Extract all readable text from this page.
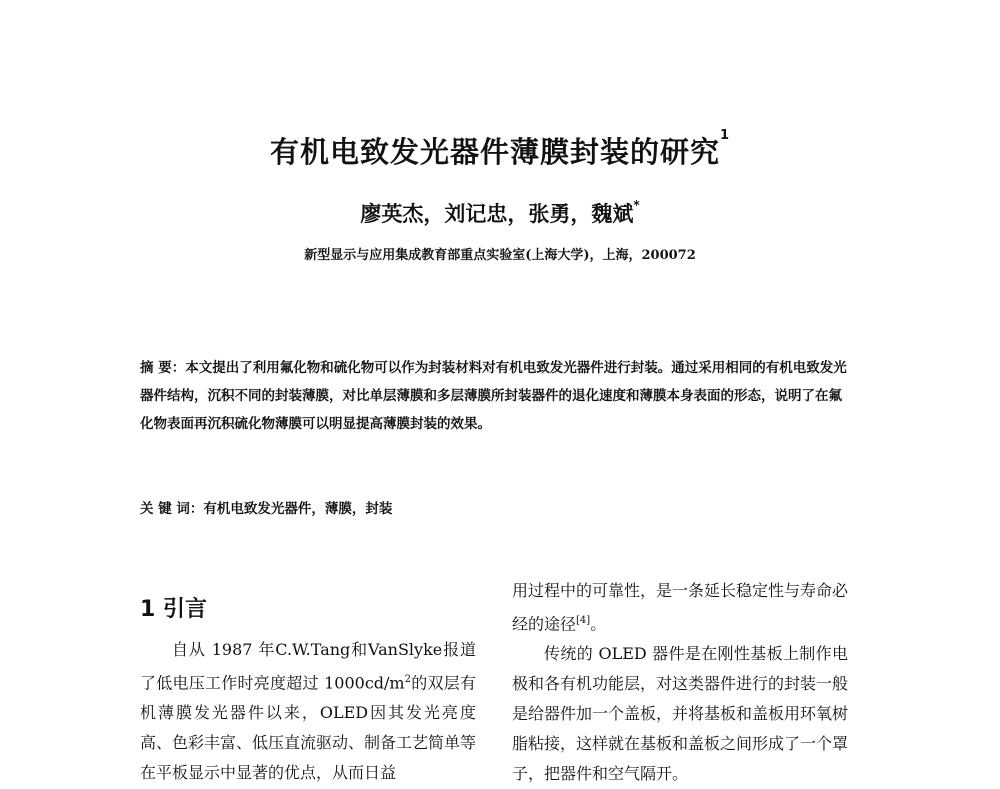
有机电致发光器件薄膜封装的研究$^1$
廖英杰，刘记忠，张勇，魏斌*
新型显示与应用集成教育部重点实验室(上海大学)，上海，200072
摘 要：本文提出了利用氟化物和硫化物可以作为封装材料对有机电致发光器件进行封装。通过采用相同的有机电致发光器件结构，沉积不同的封装薄膜，对比单层薄膜和多层薄膜所封装器件的退化速度和薄膜本身表面的形态，说明了在氟化物表面再沉积硫化物薄膜可以明显提高薄膜封装的效果。
关 键 词：有机电致发光器件，薄膜，封装
1 引言

自从 1987 年C.W.Tang和VanSlyke报道了低电压工作时亮度超过 $1000cd/m^2$的双层有机薄膜发光器件以来，OLED因其发光亮度高、色彩丰富、低压直流驱动、制备工艺简单等在平板显示中显著的优点，从而日益

用过程中的可靠性，是一条延长稳定性与寿命必经的途径[4]。

传统的 OLED 器件是在刚性基板上制作电极和各有机功能层，对这类器件进行的封装一般是给器件加一个盖板，并将基板和盖板用环氧树脂粘接，这样就在基板和盖板之间形成了一个罩子，把器件和空气隔开。
